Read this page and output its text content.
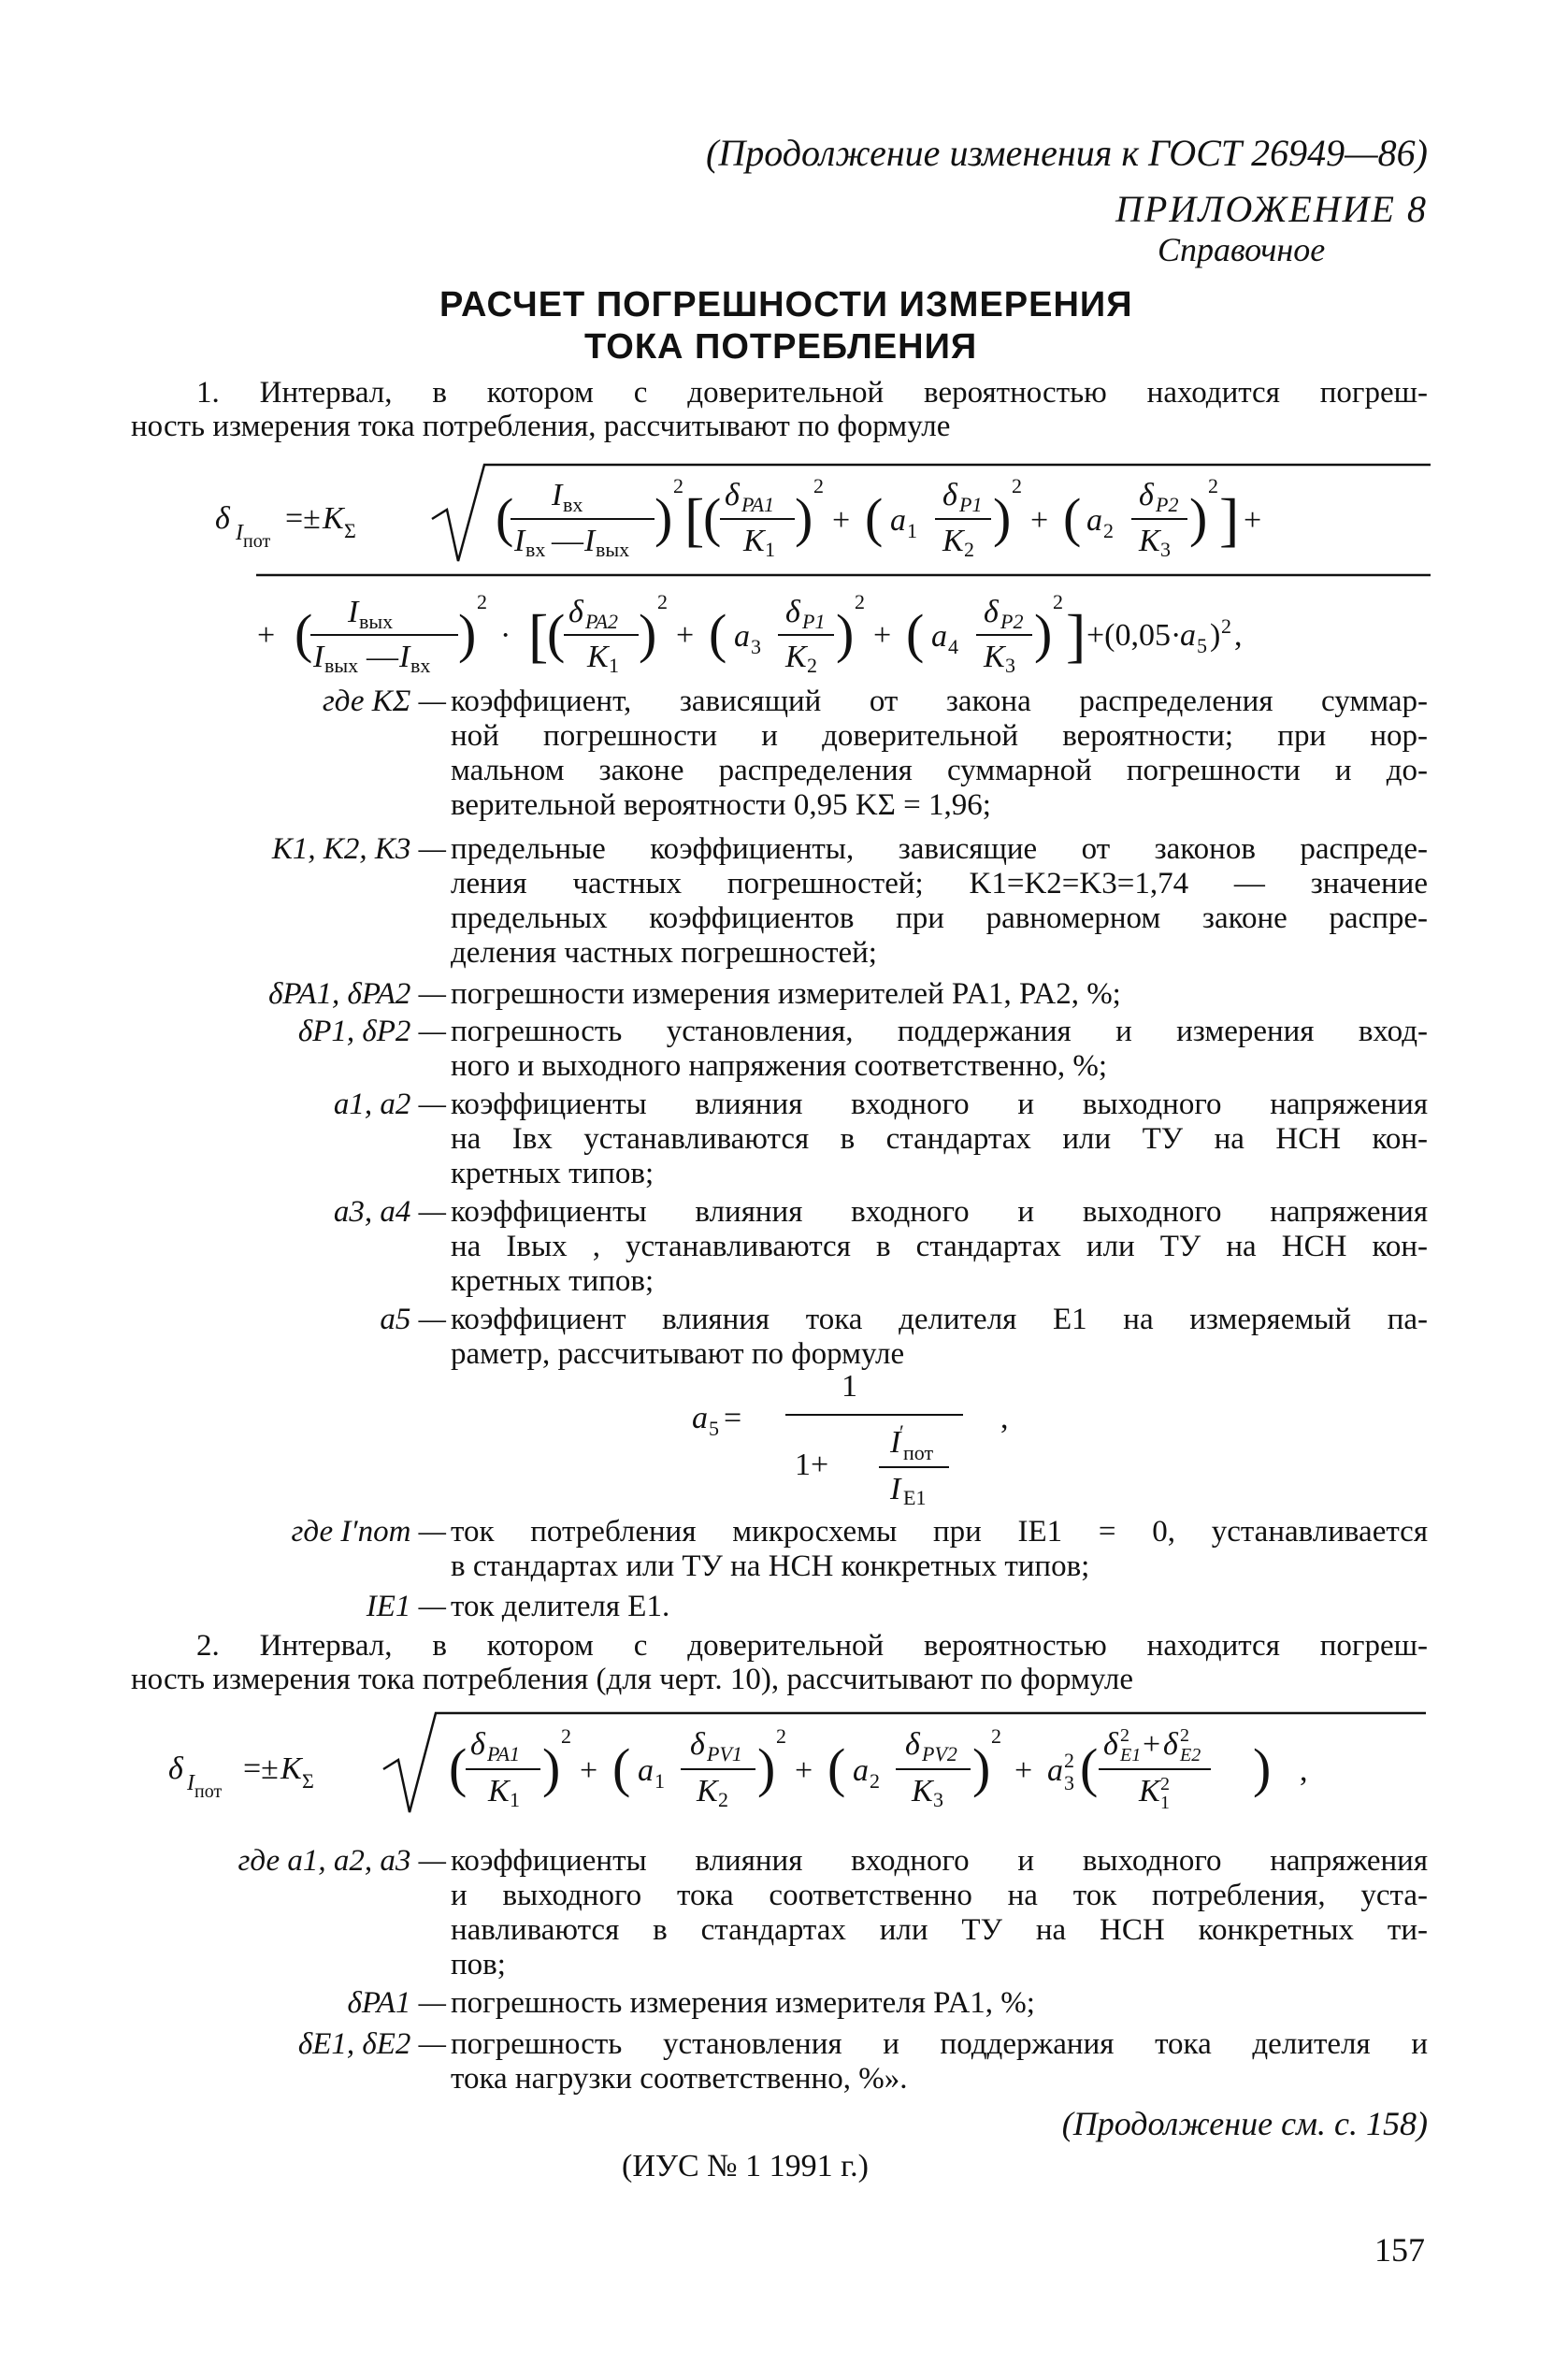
(Продолжение изменения к ГОСТ 26949—86)
ПРИЛОЖЕНИЕ 8
Справочное
РАСЧЕТ ПОГРЕШНОСТИ ИЗМЕРЕНИЯ
ТОКА ПОТРЕБЛЕНИЯ
1. Интервал, в котором с доверительной вероятностью находится погреш-
ность измерения тока потребления, рассчитывают по формуле
δ I пот
=± K Σ	( I вх
I вх — I вых
)
2
[
( δ PA1
K 1
)
2
+ ( a 1
δ P1
K 2
)
2
+ ( a 2
δ P2
K 3
)
2
] +
+ ( I вых
I вых — I вх
)
2
· [
( δ PA2
K 1
)
2
+ ( a 3
δ P1
K 2
)
2
+ ( a 4
δ P2
K 3
)
2
] +(0,05·
a 5 ) 2 ,
где KΣ — коэффициент, зависящий от закона распределения суммар-
ной погрешности и доверительной вероятности; при нор-
мальном законе распределения суммарной погрешности и до-
верительной вероятности 0,95 KΣ = 1,96;
K1, K2, K3 — предельные коэффициенты, зависящие от законов распреде-
ления частных погрешностей; K1=K2=K3=1,74 — значение
предельных коэффициентов при равномерном законе распре-
деления частных погрешностей;
δPA1, δPA2 — погрешности измерения измерителей PA1, PA2, %;
δP1, δP2 — погрешность установления, поддержания и измерения вход-
ного и выходного напряжения соответственно, %;
a1, a2 — коэффициенты влияния входного и выходного напряжения
на Iвх устанавливаются в стандартах или ТУ на НСН кон-
кретных типов;
a3, a4 — коэффициенты влияния входного и выходного напряжения
на Iвых , устанавливаются в стандартах или ТУ на НСН кон-
кретных типов;
a5 — коэффициент влияния тока делителя E1 на измеряемый па-
раметр, рассчитывают по формуле
a 5 =
1
1+
I
′
пот
I E1
,
где I′пот — ток потребления микросхемы при IE1 = 0, устанавливается
в стандартах или ТУ на НСН конкретных типов;
IE1 — ток делителя E1.
2. Интервал, в котором с доверительной вероятностью находится погреш-
ность измерения тока потребления (для черт. 10), рассчитывают по формуле
δ I пот
=± K Σ ( δ PA1
K 1
)
2
+ ( a 1
δ PV1
K 2
)
2
+ ( a 2
δ PV2
K 3
)
2
+ a 2
3 ( δ 2
E1 + δ 2
E2
K 2
1
) ,
где a1, a2, a3 — коэффициенты влияния входного и выходного напряжения
и выходного тока соответственно на ток потребления, уста-
навливаются в стандартах или ТУ на НСН конкретных ти-
пов;
δPA1 — погрешность измерения измерителя PA1, %;
δE1, δE2 — погрешность установления и поддержания тока делителя и
тока нагрузки соответственно, %».
(Продолжение см. с. 158)
(ИУС № 1 1991 г.)
157
